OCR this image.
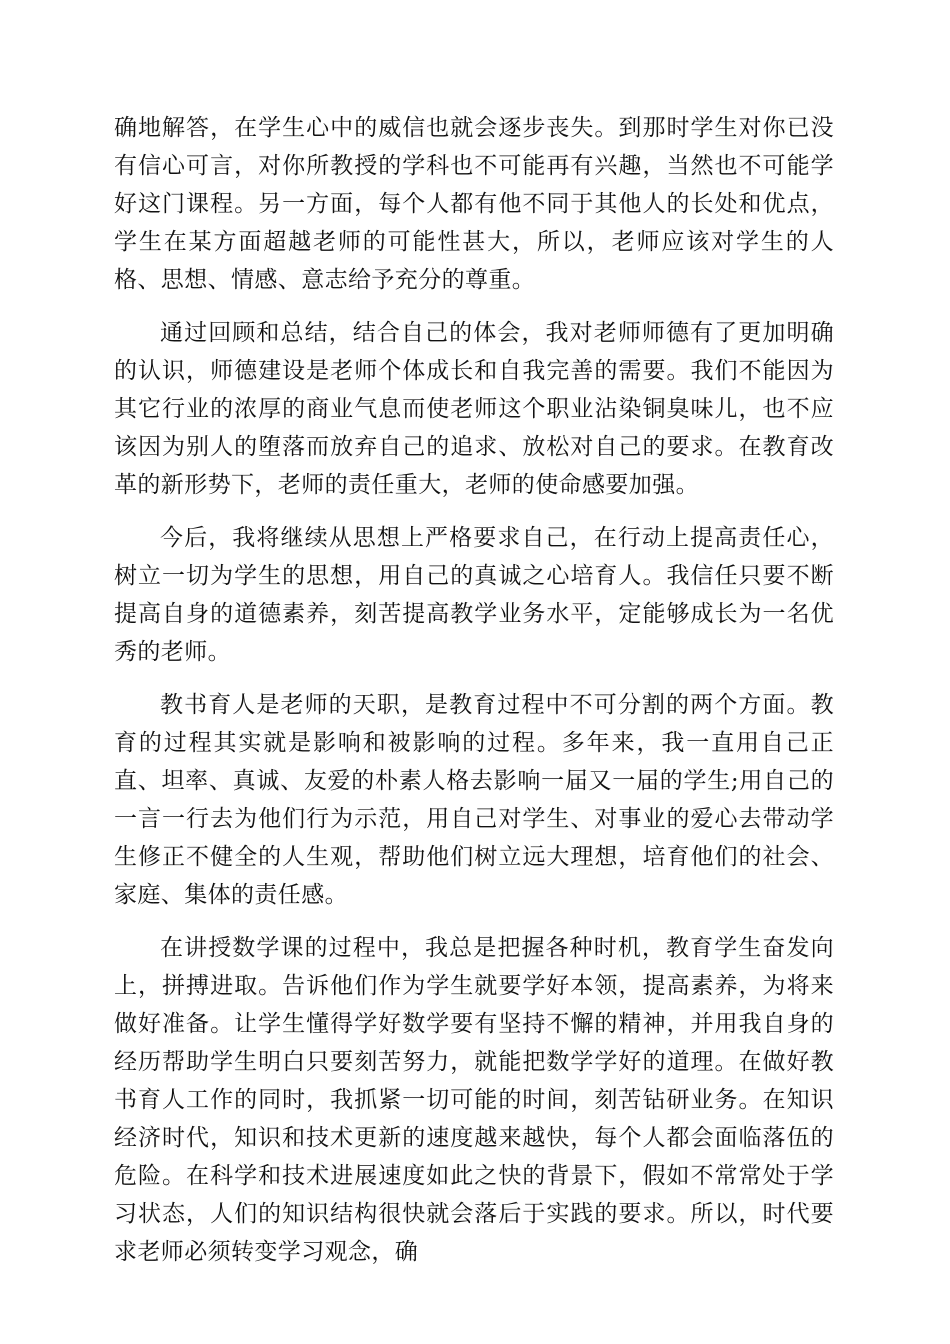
确地解答，在学生心中的威信也就会逐步丧失。到那时学生对你已没有信心可言，对你所教授的学科也不可能再有兴趣，当然也不可能学好这门课程。另一方面，每个人都有他不同于其他人的长处和优点，学生在某方面超越老师的可能性甚大，所以，老师应该对学生的人格、思想、情感、意志给予充分的尊重。

通过回顾和总结，结合自己的体会，我对老师师德有了更加明确的认识，师德建设是老师个体成长和自我完善的需要。我们不能因为其它行业的浓厚的商业气息而使老师这个职业沾染铜臭味儿，也不应该因为别人的堕落而放弃自己的追求、放松对自己的要求。在教育改革的新形势下，老师的责任重大，老师的使命感要加强。

今后，我将继续从思想上严格要求自己，在行动上提高责任心，树立一切为学生的思想，用自己的真诚之心培育人。我信任只要不断提高自身的道德素养，刻苦提高教学业务水平，定能够成长为一名优秀的老师。

教书育人是老师的天职，是教育过程中不可分割的两个方面。教育的过程其实就是影响和被影响的过程。多年来，我一直用自己正直、坦率、真诚、友爱的朴素人格去影响一届又一届的学生;用自己的一言一行去为他们行为示范，用自己对学生、对事业的爱心去带动学生修正不健全的人生观，帮助他们树立远大理想，培育他们的社会、家庭、集体的责任感。

在讲授数学课的过程中，我总是把握各种时机，教育学生奋发向上，拼搏进取。告诉他们作为学生就要学好本领，提高素养，为将来做好准备。让学生懂得学好数学要有坚持不懈的精神，并用我自身的经历帮助学生明白只要刻苦努力，就能把数学学好的道理。在做好教书育人工作的同时，我抓紧一切可能的时间，刻苦钻研业务。在知识经济时代，知识和技术更新的速度越来越快，每个人都会面临落伍的危险。在科学和技术进展速度如此之快的背景下，假如不常常处于学习状态，人们的知识结构很快就会落后于实践的要求。所以，时代要求老师必须转变学习观念，确
